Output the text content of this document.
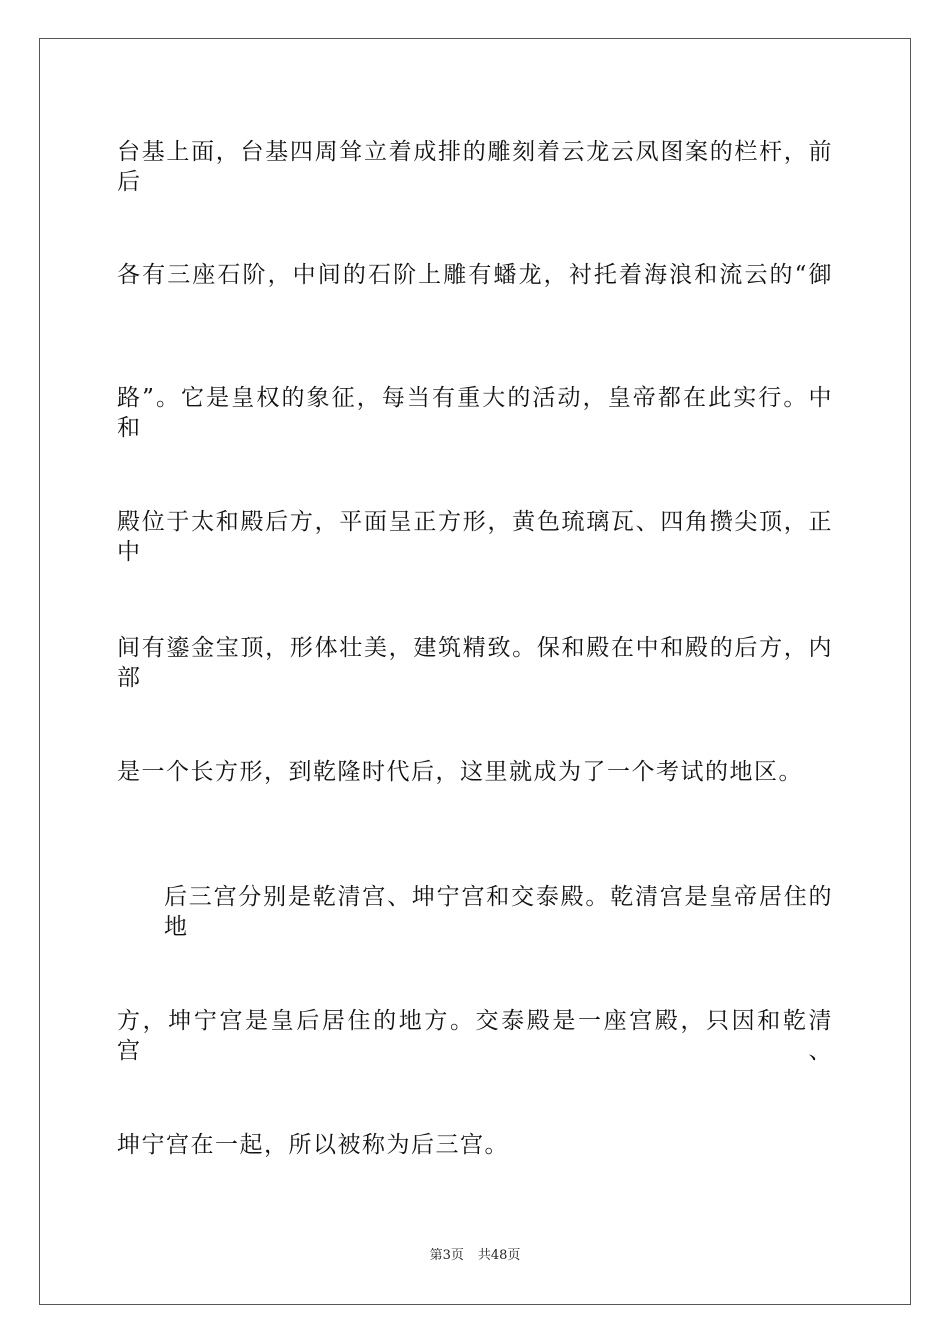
台基上面，台基四周耸立着成排的雕刻着云龙云凤图案的栏杆，前后
各有三座石阶，中间的石阶上雕有蟠龙，衬托着海浪和流云的“御
路”。它是皇权的象征，每当有重大的活动，皇帝都在此实行。中和
殿位于太和殿后方，平面呈正方形，黄色琉璃瓦、四角攒尖顶，正中
间有鎏金宝顶，形体壮美，建筑精致。保和殿在中和殿的后方，内部
是一个长方形，到乾隆时代后，这里就成为了一个考试的地区。
后三宫分别是乾清宫、坤宁宫和交泰殿。乾清宫是皇帝居住的地
方，坤宁宫是皇后居住的地方。交泰殿是一座宫殿，只因和乾清宫、
坤宁宫在一起，所以被称为后三宫。
第3页 共48页
